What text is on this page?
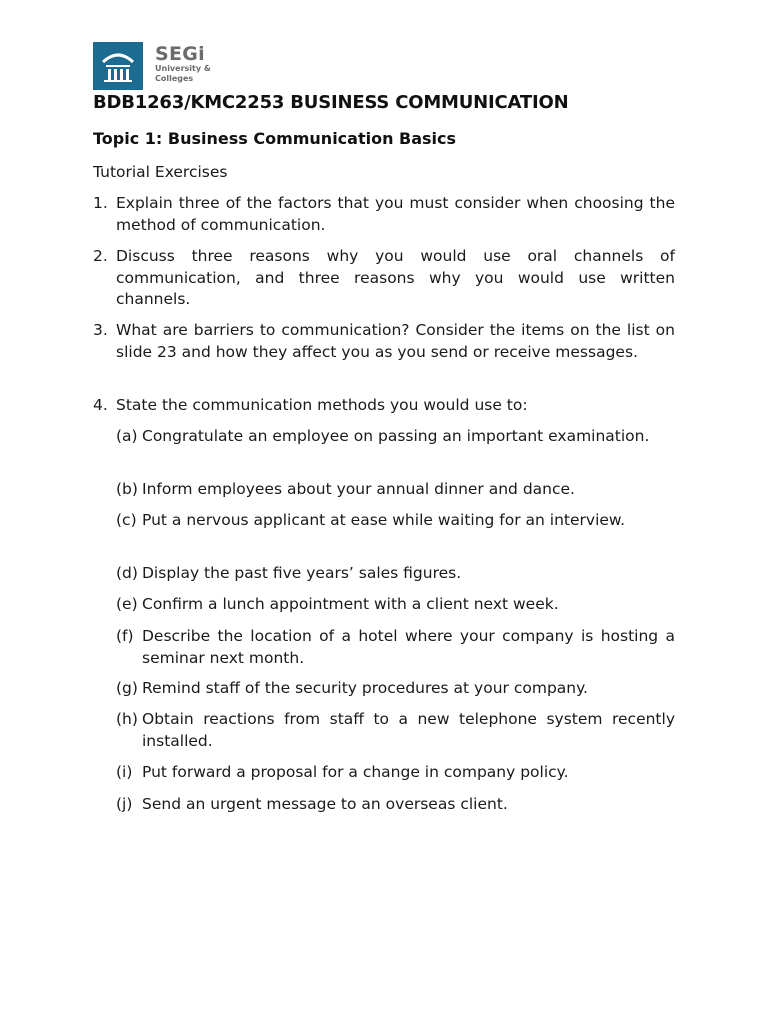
SEGi
University &
Colleges
BDB1263/KMC2253 BUSINESS COMMUNICATION
Topic 1: Business Communication Basics
Tutorial Exercises
1. Explain three of the factors that you must consider when choosing the method of communication.
2. Discuss three reasons why you would use oral channels of communication, and three reasons why you would use written channels.
3. What are barriers to communication? Consider the items on the list on slide 23 and how they affect you as you send or receive messages.
4. State the communication methods you would use to:
(a) Congratulate an employee on passing an important examination.
(b) Inform employees about your annual dinner and dance.
(c) Put a nervous applicant at ease while waiting for an interview.
(d) Display the past five years’ sales figures.
(e) Confirm a lunch appointment with a client next week.
(f) Describe the location of a hotel where your company is hosting a seminar next month.
(g) Remind staff of the security procedures at your company.
(h) Obtain reactions from staff to a new telephone system recently installed.
(i) Put forward a proposal for a change in company policy.
(j) Send an urgent message to an overseas client.
